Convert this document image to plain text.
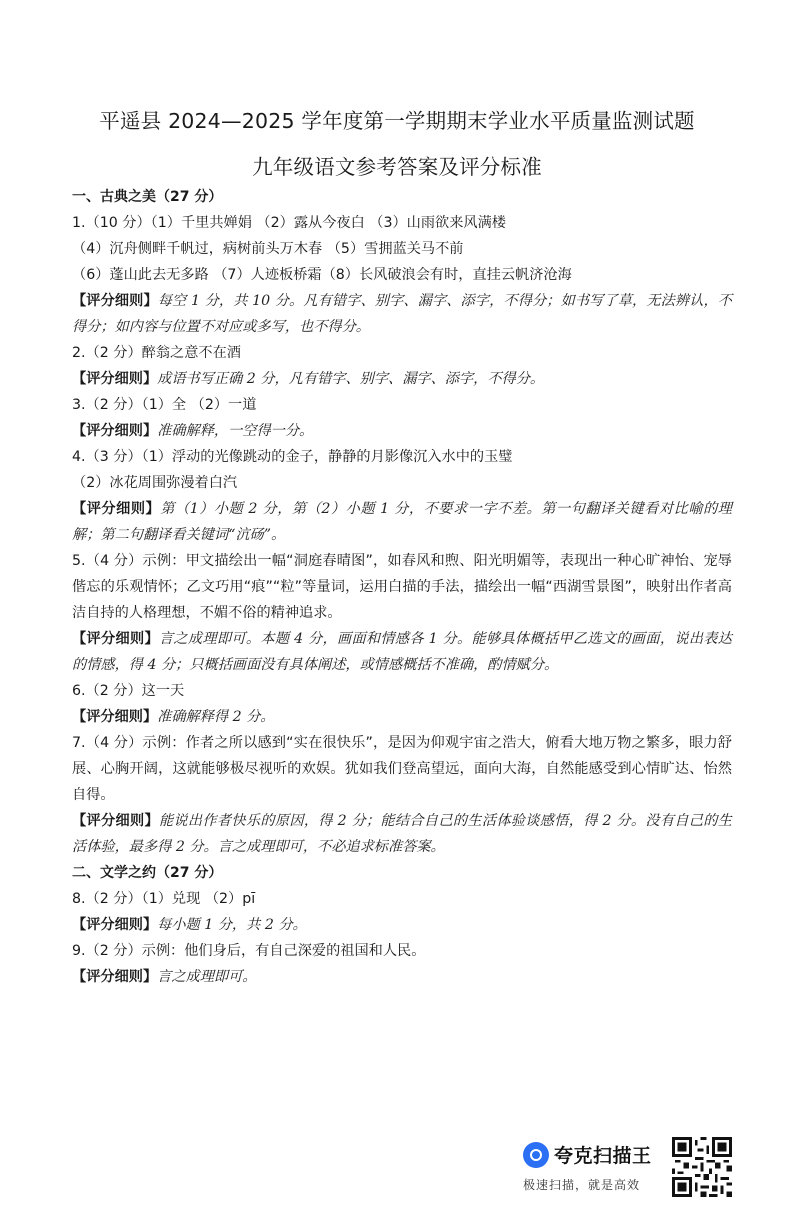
平遥县 2024—2025 学年度第一学期期末学业水平质量监测试题
九年级语文参考答案及评分标准
一、古典之美（27 分）
1.（10 分）（1）千里共婵娟 （2）露从今夜白 （3）山雨欲来风满楼
（4）沉舟侧畔千帆过，病树前头万木春 （5）雪拥蓝关马不前
（6）蓬山此去无多路 （7）人迹板桥霜（8）长风破浪会有时，直挂云帆济沧海
【评分细则】每空 1 分，共 10 分。凡有错字、别字、漏字、添字，不得分；如书写了草，无法辨认，不得分；如内容与位置不对应或多写，也不得分。
2.（2 分）醉翁之意不在酒
【评分细则】成语书写正确 2 分，凡有错字、别字、漏字、添字，不得分。
3.（2 分）（1）全 （2）一道
【评分细则】准确解释，一空得一分。
4.（3 分）（1）浮动的光像跳动的金子，静静的月影像沉入水中的玉璧
（2）冰花周围弥漫着白汽
【评分细则】第（1）小题 2 分，第（2）小题 1 分，不要求一字不差。第一句翻译关键看对比喻的理解；第二句翻译看关键词“沆砀”。
5.（4 分）示例：甲文描绘出一幅“洞庭春晴图”，如春风和煦、阳光明媚等，表现出一种心旷神怡、宠辱偕忘的乐观情怀；乙文巧用“痕”“粒”等量词，运用白描的手法，描绘出一幅“西湖雪景图”，映射出作者高洁自持的人格理想，不媚不俗的精神追求。
【评分细则】言之成理即可。本题 4 分，画面和情感各 1 分。能够具体概括甲乙选文的画面，说出表达的情感，得 4 分；只概括画面没有具体阐述，或情感概括不准确，酌情赋分。
6.（2 分）这一天
【评分细则】准确解释得 2 分。
7.（4 分）示例：作者之所以感到“实在很快乐”，是因为仰观宇宙之浩大，俯看大地万物之繁多，眼力舒展、心胸开阔，这就能够极尽视听的欢娱。犹如我们登高望远，面向大海，自然能感受到心情旷达、怡然自得。
【评分细则】能说出作者快乐的原因，得 2 分；能结合自己的生活体验谈感悟，得 2 分。没有自己的生活体验，最多得 2 分。言之成理即可，不必追求标准答案。
二、文学之约（27 分）
8.（2 分）（1）兑现 （2）pī
【评分细则】每小题 1 分，共 2 分。
9.（2 分）示例：他们身后，有自己深爱的祖国和人民。
【评分细则】言之成理即可。
夸克扫描王
极速扫描，就是高效
